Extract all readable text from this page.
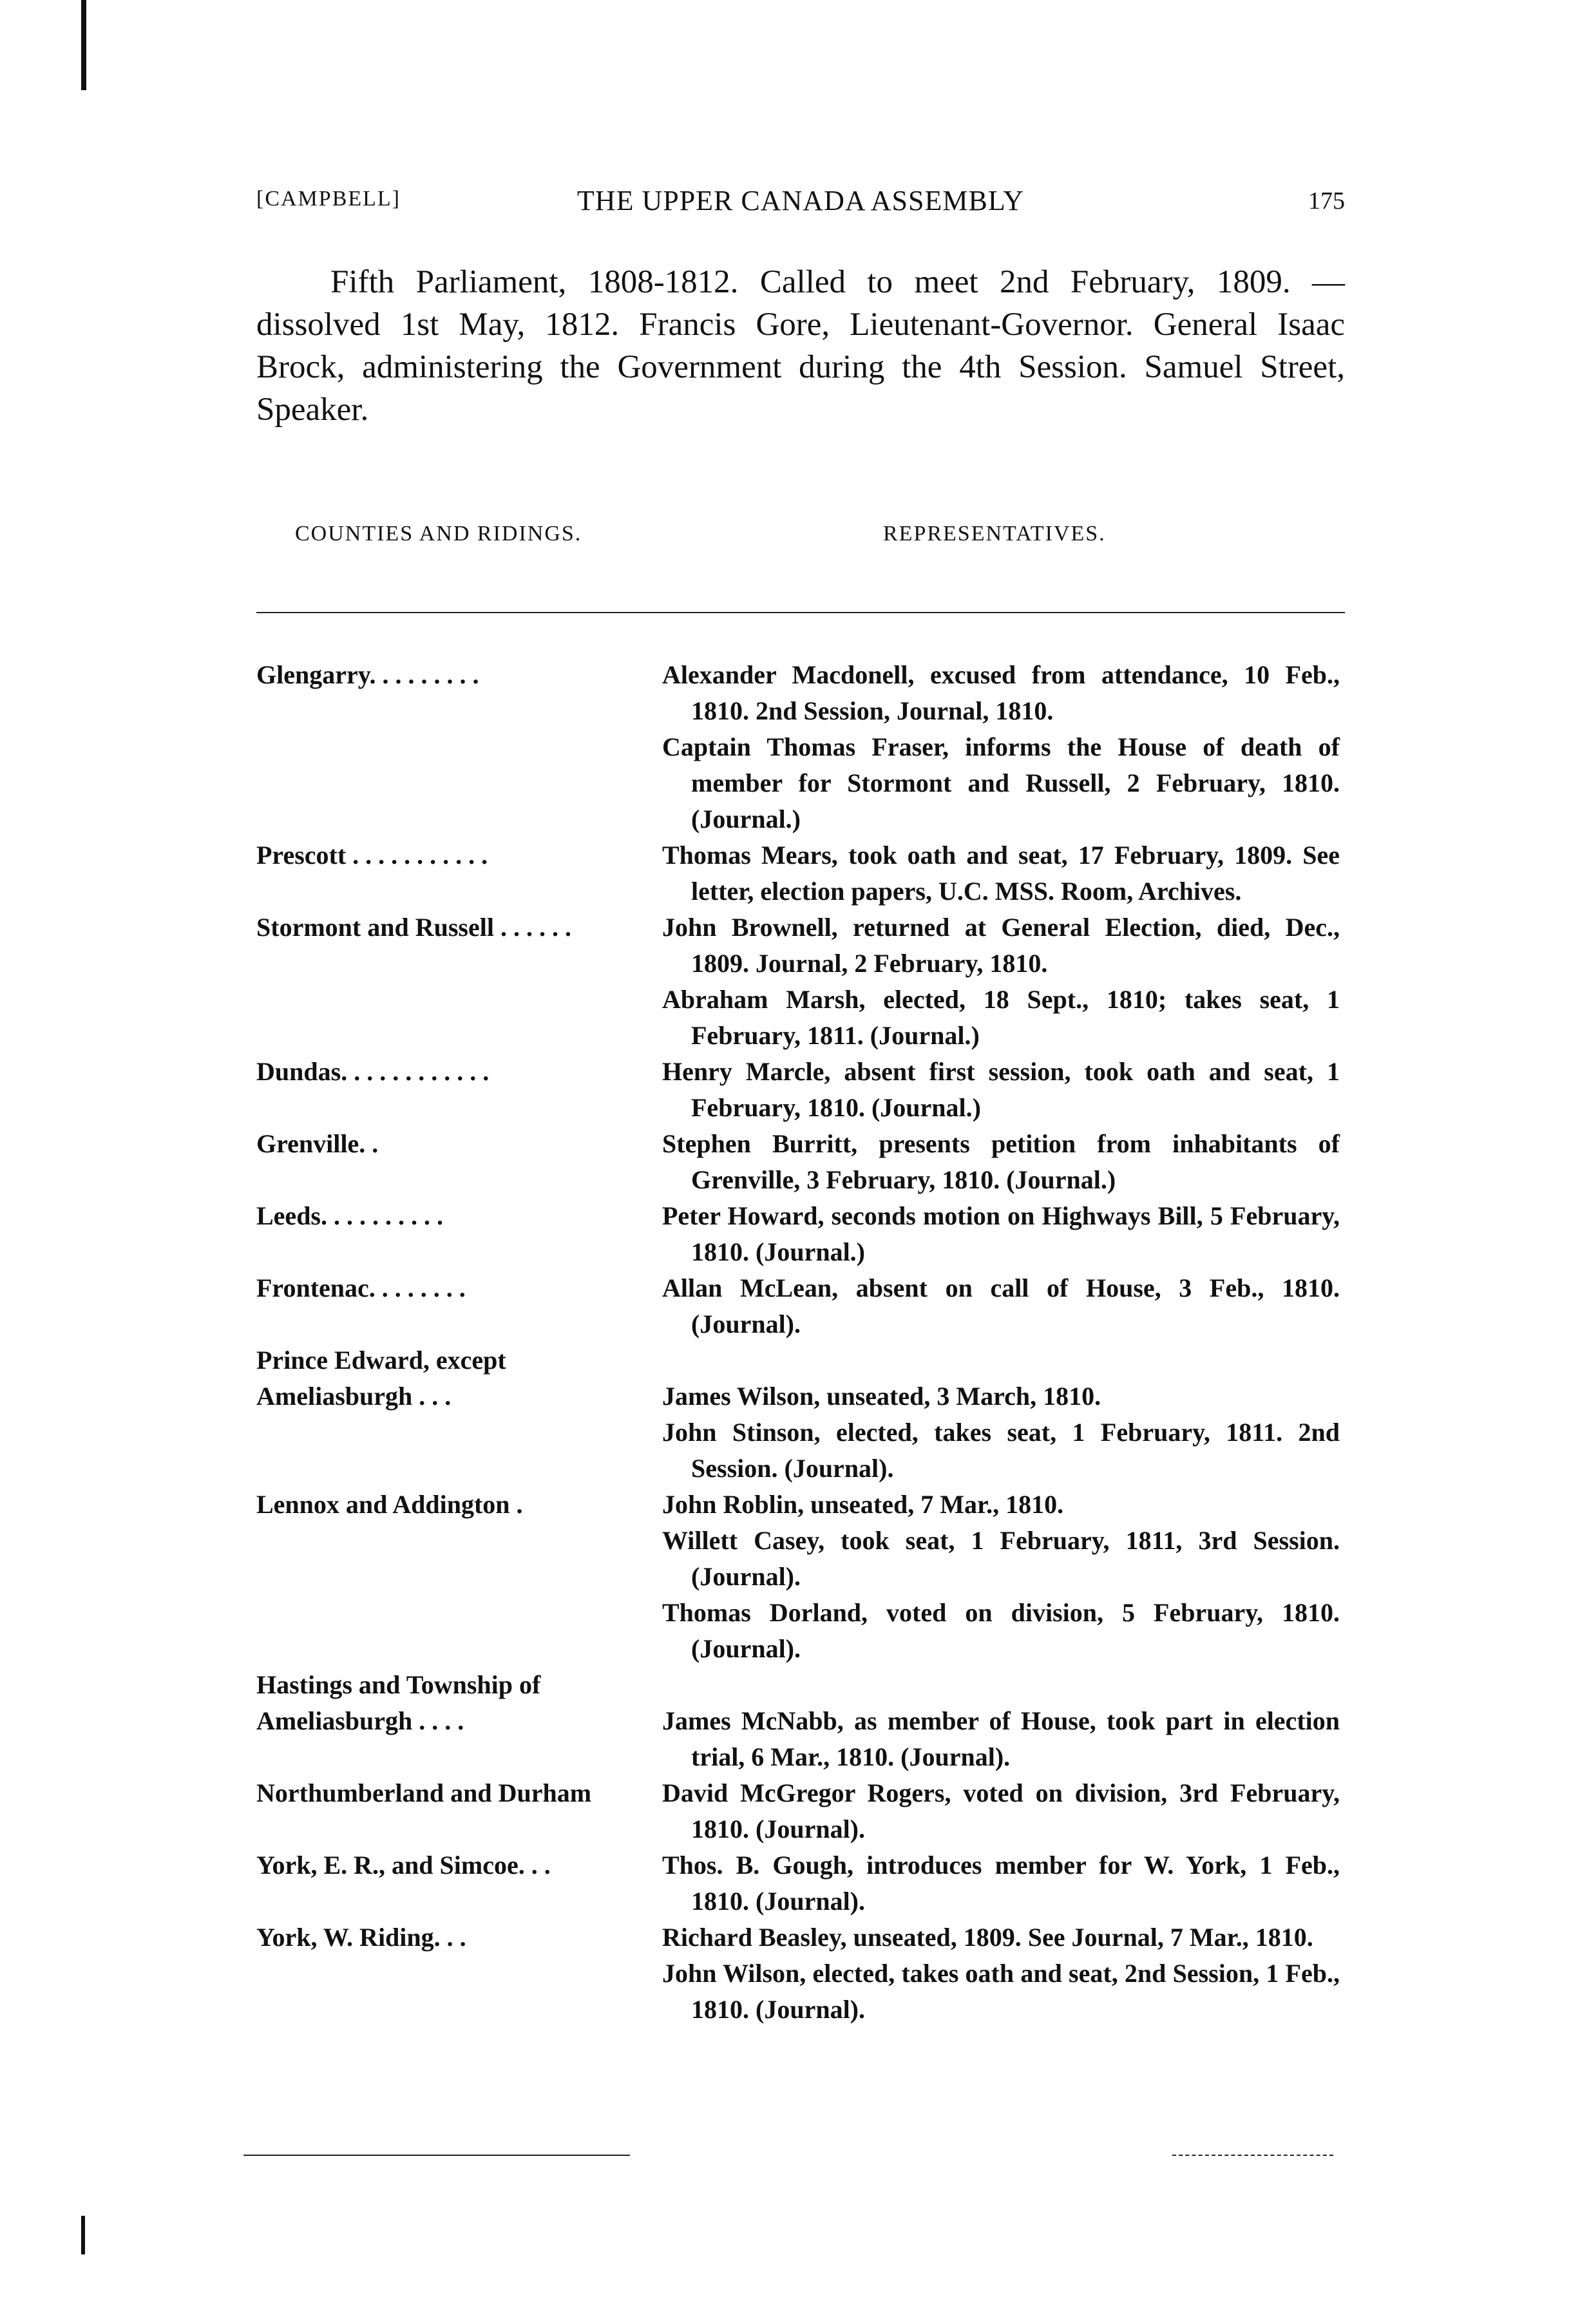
[CAMPBELL]	THE UPPER CANADA ASSEMBLY	175

Fifth Parliament, 1808-1812. Called to meet 2nd February, 1809. —dissolved 1st May, 1812. Francis Gore, Lieutenant-Governor. General Isaac Brock, administering the Government during the 4th Session. Samuel Street, Speaker.

COUNTIES AND RIDINGS.	REPRESENTATIVES.
Glengarry. . . . . . . . .	Alexander Macdonell, excused from attendance, 10 Feb., 1810. 2nd Session, Journal, 1810.
Captain Thomas Fraser, informs the House of death of member for Stormont and Russell, 2 February, 1810. (Journal.)
Prescott . . . . . . . . . . .	Thomas Mears, took oath and seat, 17 February, 1809. See letter, election papers, U.C. MSS. Room, Archives.
Stormont and Russell . . . . . .	John Brownell, returned at General Election, died, Dec., 1809. Journal, 2 February, 1810.
Abraham Marsh, elected, 18 Sept., 1810; takes seat, 1 February, 1811. (Journal.)
Dundas. . . . . . . . . . . .	Henry Marcle, absent first session, took oath and seat, 1 February, 1810. (Journal.)
Grenville. .	Stephen Burritt, presents petition from inhabitants of Grenville, 3 February, 1810. (Journal.)
Leeds. . . . . . . . . .	Peter Howard, seconds motion on Highways Bill, 5 February, 1810. (Journal.)
Frontenac. . . . . . . .	Allan McLean, absent on call of House, 3 Feb., 1810. (Journal).
Prince Edward, except Ameliasburgh . . .	James Wilson, unseated, 3 March, 1810.
John Stinson, elected, takes seat, 1 February, 1811. 2nd Session. (Journal).
Lennox and Addington .	John Roblin, unseated, 7 Mar., 1810.
Willett Casey, took seat, 1 February, 1811, 3rd Session. (Journal).
Thomas Dorland, voted on division, 5 February, 1810. (Journal).
Hastings and Township of Ameliasburgh . . . .	James McNabb, as member of House, took part in election trial, 6 Mar., 1810. (Journal).
Northumberland and Durham	David McGregor Rogers, voted on division, 3rd February, 1810. (Journal).
York, E. R., and Simcoe. . .	Thos. B. Gough, introduces member for W. York, 1 Feb., 1810. (Journal).
York, W. Riding. . .	Richard Beasley, unseated, 1809. See Journal, 7 Mar., 1810.
John Wilson, elected, takes oath and seat, 2nd Session, 1 Feb., 1810. (Journal).
